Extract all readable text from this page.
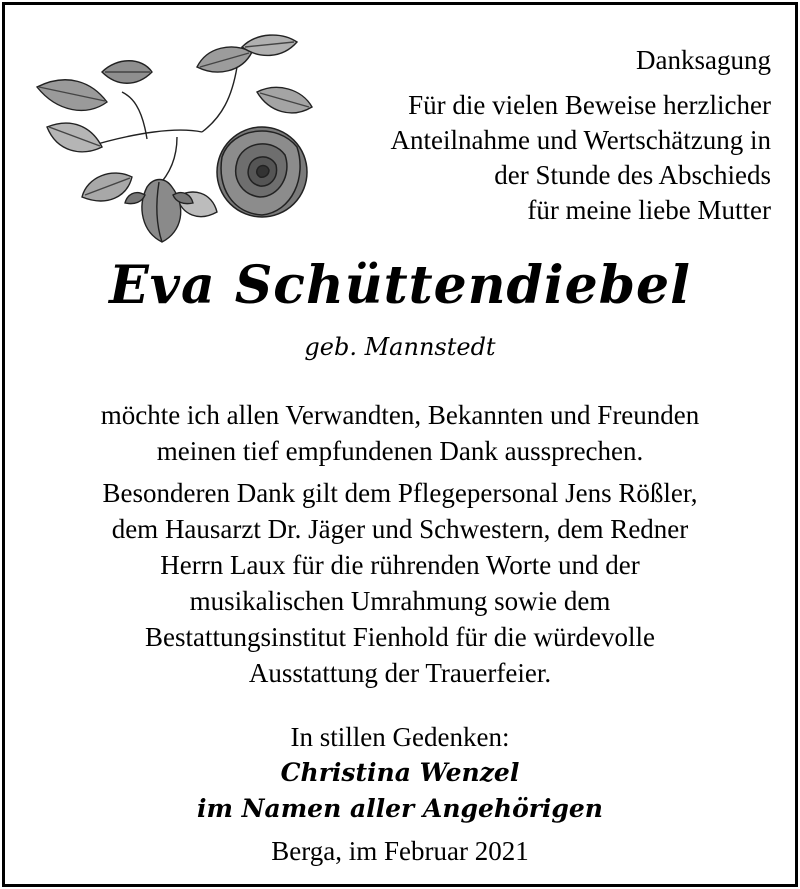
Danksagung
Für die vielen Beweise herzlicher
Anteilnahme und Wertschätzung in
der Stunde des Abschieds
für meine liebe Mutter
Eva Schüttendiebel
geb. Mannstedt
möchte ich allen Verwandten, Bekannten und Freunden
meinen tief empfundenen Dank aussprechen.
Besonderen Dank gilt dem Pflegepersonal Jens Rößler,
dem Hausarzt Dr. Jäger und Schwestern, dem Redner
Herrn Laux für die rührenden Worte und der
musikalischen Umrahmung sowie dem
Bestattungsinstitut Fienhold für die würdevolle
Ausstattung der Trauerfeier.
In stillen Gedenken:
Christina Wenzel
im Namen aller Angehörigen
Berga, im Februar 2021
